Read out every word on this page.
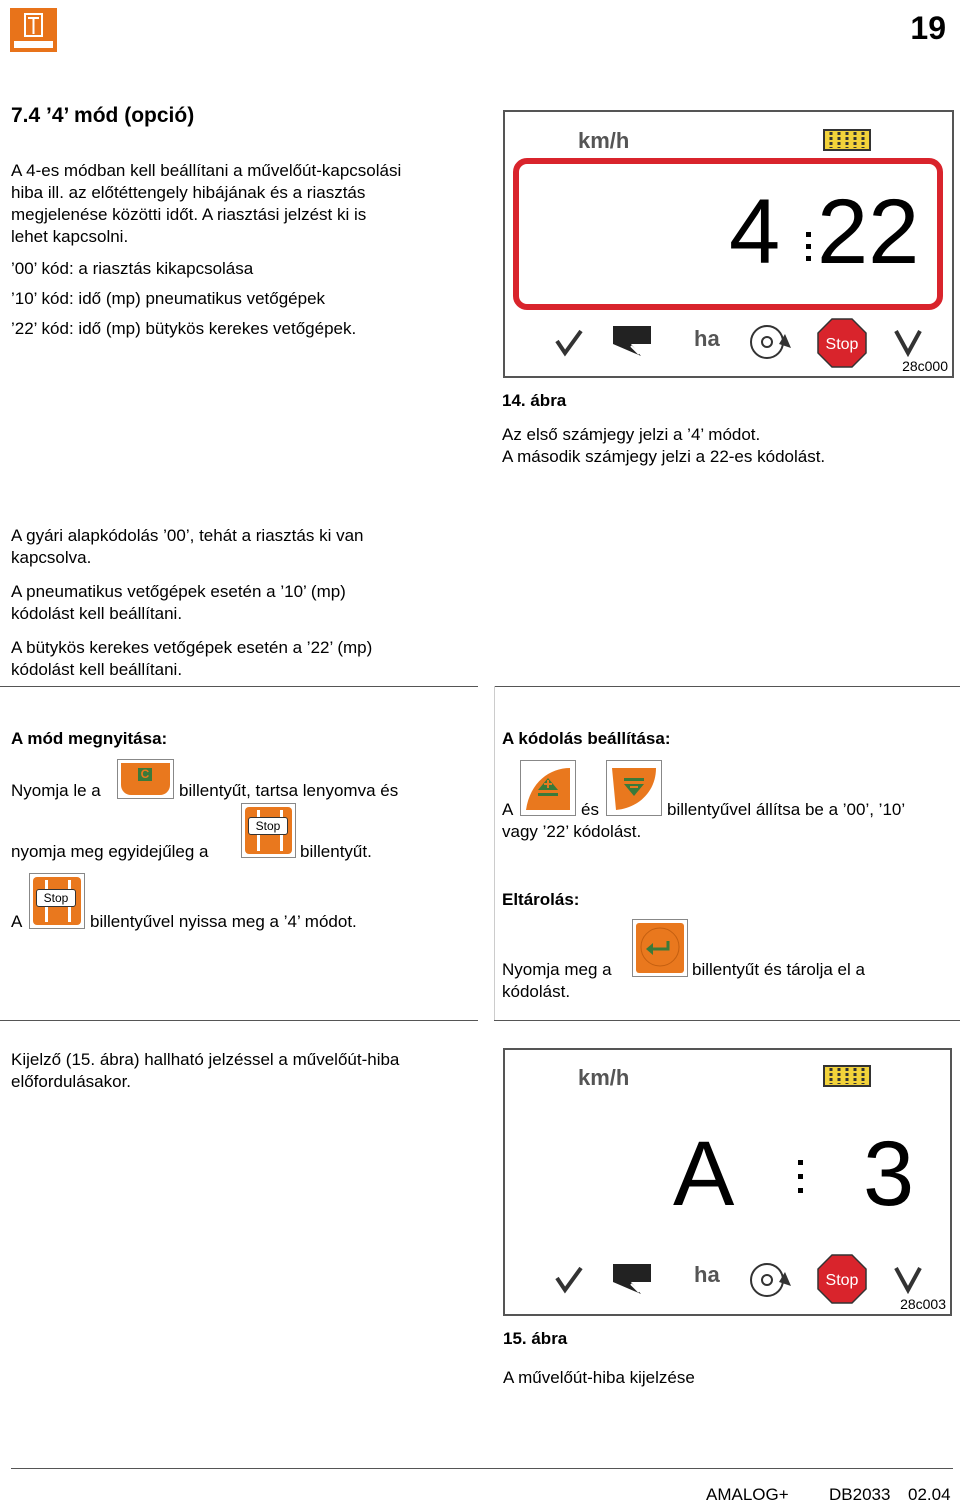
19
7.4 ’4’ mód (opció)

A 4-es módban kell beállítani a művelőút-kapcsolási

hiba ill. az előtéttengely hibájának és a riasztás

megjelenése közötti időt. A riasztási jelzést ki is

lehet kapcsolni.

’00’ kód: a riasztás kikapcsolása

’10’ kód: idő (mp) pneumatikus vetőgépek

’22’ kód: idő (mp) bütykös kerekes vetőgépek.

km/h
4 22
ha	Stop
28c000
14. ábra
Az első számjegy jelzi a ’4’ módot.
A második számjegy jelzi a 22-es kódolást.

A gyári alapkódolás ’00’, tehát a riasztás ki van

kapcsolva.

A pneumatikus vetőgépek esetén a ’10’ (mp)

kódolást kell beállítani.

A bütykös kerekes vetőgépek esetén a ’22’ (mp)

kódolást kell beállítani.

A mód megnyitása:
Nyomja le a
C
billentyűt, tartsa lenyomva és
nyomja meg egyidejűleg a
Stop
billentyűt.
A
Stop
billentyűvel nyissa meg a ’4’ módot.
A kódolás beállítása:
A	és	billentyűvel állítsa be a ’00’, ’10’
vagy ’22’ kódolást.
Eltárolás:
Nyomja meg a	billentyűt és tárolja el a
kódolást.
Kijelző (15. ábra) hallható jelzéssel a művelőút-hiba
előfordulásakor.	km/h
A 3
ha	Stop
28c003
15. ábra
A művelőút-hiba kijelzése
AMALOG+ DB2033 02.04
